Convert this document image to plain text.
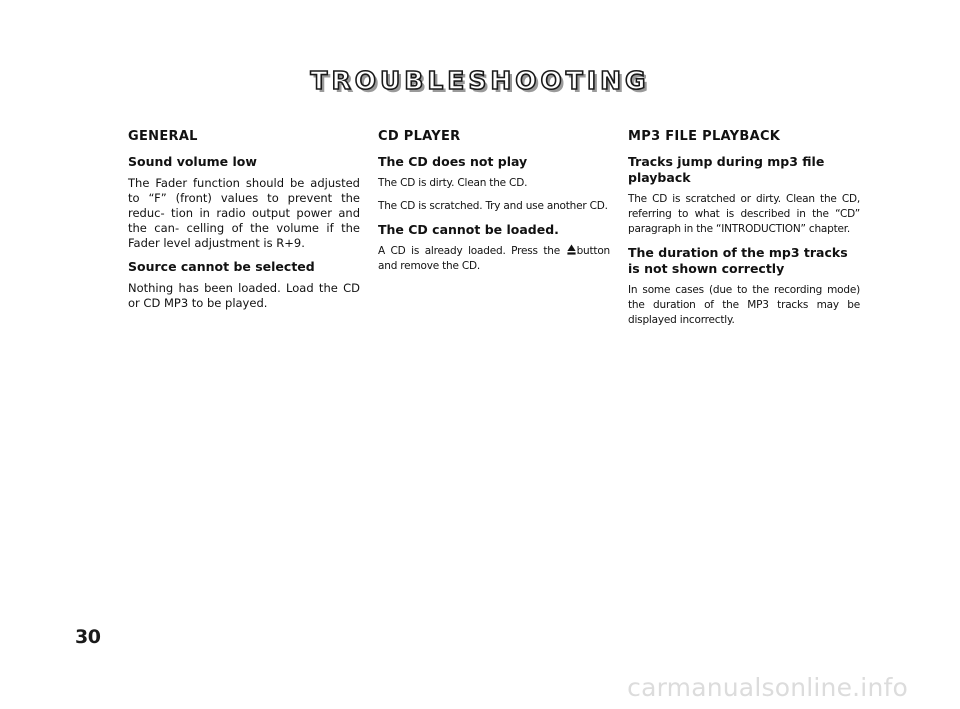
TROUBLESHOOTING
GENERAL
Sound volume low

The Fader function should be adjusted to “F” (front) values to prevent the reduc- tion in radio output power and the can- celling of the volume if the Fader level adjustment is R+9.

Source cannot be selected

Nothing has been loaded. Load the CD or CD MP3 to be played.

CD PLAYER
The CD does not play

The CD is dirty. Clean the CD.

The CD is scratched. Try and use another CD.

The CD cannot be loaded.

A CD is already loaded. Press the button and remove the CD.

MP3 FILE PLAYBACK
Tracks jump during mp3 file playback

The CD is scratched or dirty. Clean the CD, referring to what is described in the “CD” paragraph in the “INTRODUCTION” chapter.

The duration of the mp3 tracks is not shown correctly

In some cases (due to the recording mode) the duration of the MP3 tracks may be displayed incorrectly.

30
carmanualsonline.info
